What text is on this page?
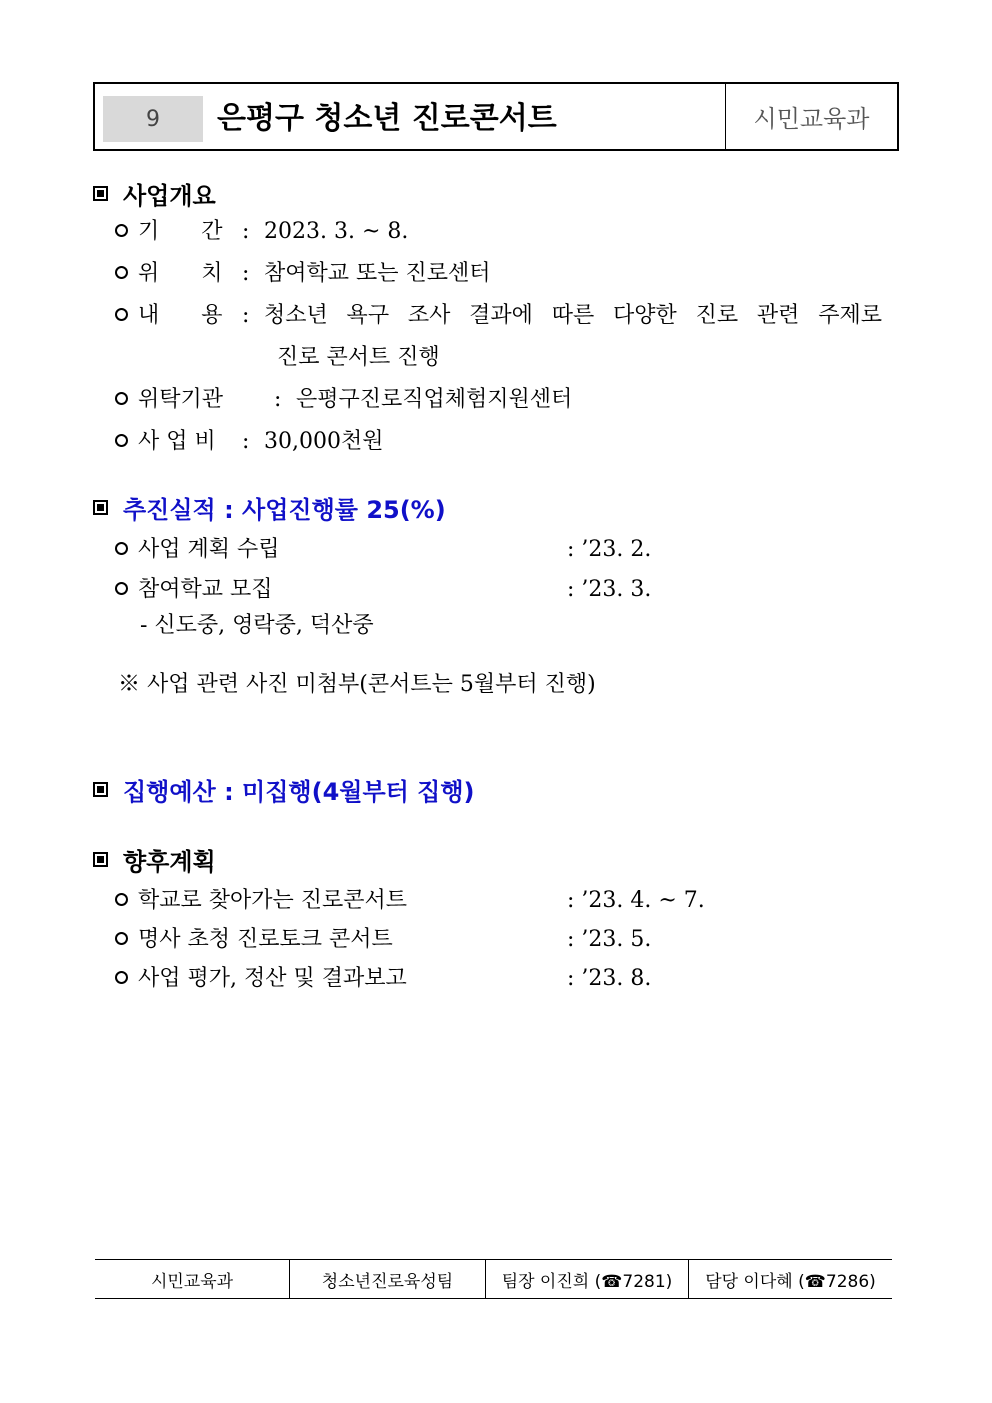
9	은평구 청소년 진로콘서트	시민교육과
사업개요
기      간 : 2023. 3. ~ 8.
위      치 : 참여학교 또는 진로센터
내      용 : 청소년 욕구 조사 결과에 따른 다양한 진로 관련 주제로
진로 콘서트 진행
위탁기관 : 은평구진로직업체험지원센터
사 업 비 : 30,000천원
추진실적 : 사업진행률 25(%)
사업 계획 수립	: ’23. 2.
참여학교 모집	: ’23. 3.
- 신도중, 영락중, 덕산중
※ 사업 관련 사진 미첨부(콘서트는 5월부터 진행)
집행예산 : 미집행(4월부터 집행)
향후계획
학교로 찾아가는 진로콘서트	: ’23. 4. ~ 7.
명사 초청 진로토크 콘서트	: ’23. 5.
사업 평가, 정산 및 결과보고	: ’23. 8.
시민교육과	청소년진로육성팀	팀장 이진희 (☎7281)	담당 이다혜 (☎7286)
